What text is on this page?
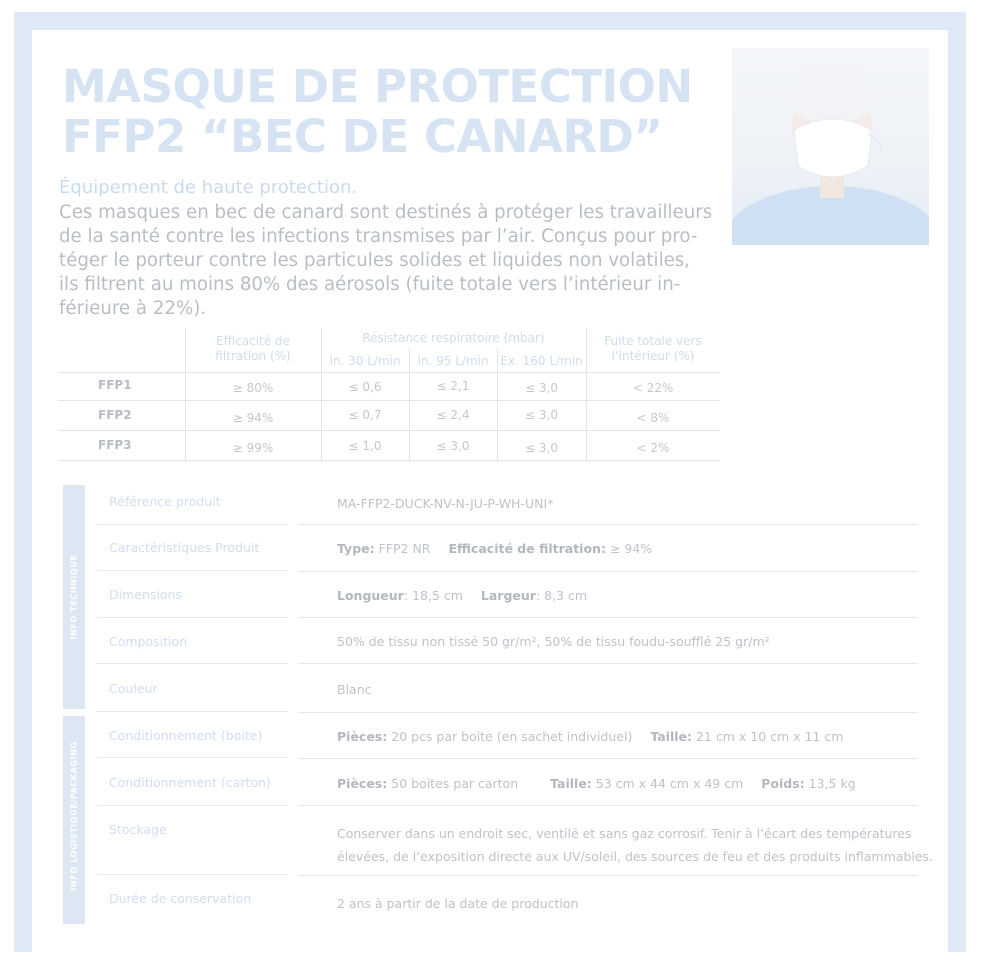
MASQUE DE PROTECTION
FFP2 “BEC DE CANARD”
Équipement de haute protection.
Ces masques en bec de canard sont destinés à protéger les travailleurs
de la santé contre les infections transmises par l’air. Conçus pour pro-
téger le porteur contre les particules solides et liquides non volatiles,
ils filtrent au moins 80% des aérosols (fuite totale vers l’intérieur in-
férieure à 22%).
Efficacité de
filtration (%)
Résistance respiratoire (mbar)
In. 30 L/min	In. 95 L/min Ex. 160 L/min
Fuite totale vers
l’intérieur (%)
FFP1	≥ 80%	≤ 0,6	≤ 2,1	≤ 3,0	< 22%
FFP2	≥ 94%	≤ 0,7	≤ 2,4	≤ 3,0	< 8%
FFP3	≥ 99%	≤ 1,0	≤ 3,0	≤ 3,0	< 2%
INFO TECHNIQUE
INFO LOGISTIQUE/PACKAGING
Référence produit	MA-FFP2-DUCK-NV-N-JU-P-WH-UNI*
Caractéristiques Produit	Type: FFP2 NR Efficacité de filtration: ≥ 94%
Dimensions	Longueur: 18,5 cm Largeur: 8,3 cm
Composition	50% de tissu non tissé 50 gr/m², 50% de tissu foudu-soufflé 25 gr/m²
Couleur	Blanc
Conditionnement (boite)	Pièces: 20 pcs par boite (en sachet individuel) Taille: 21 cm x 10 cm x 11 cm
Conditionnement (carton)	Pièces: 50 boites par carton	Taille: 53 cm x 44 cm x 49 cm Poids: 13,5 kg
Stockage	Conserver dans un endroit sec, ventilé et sans gaz corrosif. Tenir à l’écart des températures
élevées, de l’exposition directe aux UV/soleil, des sources de feu et des produits inflammables.
Durée de conservation	2 ans à partir de la date de production
